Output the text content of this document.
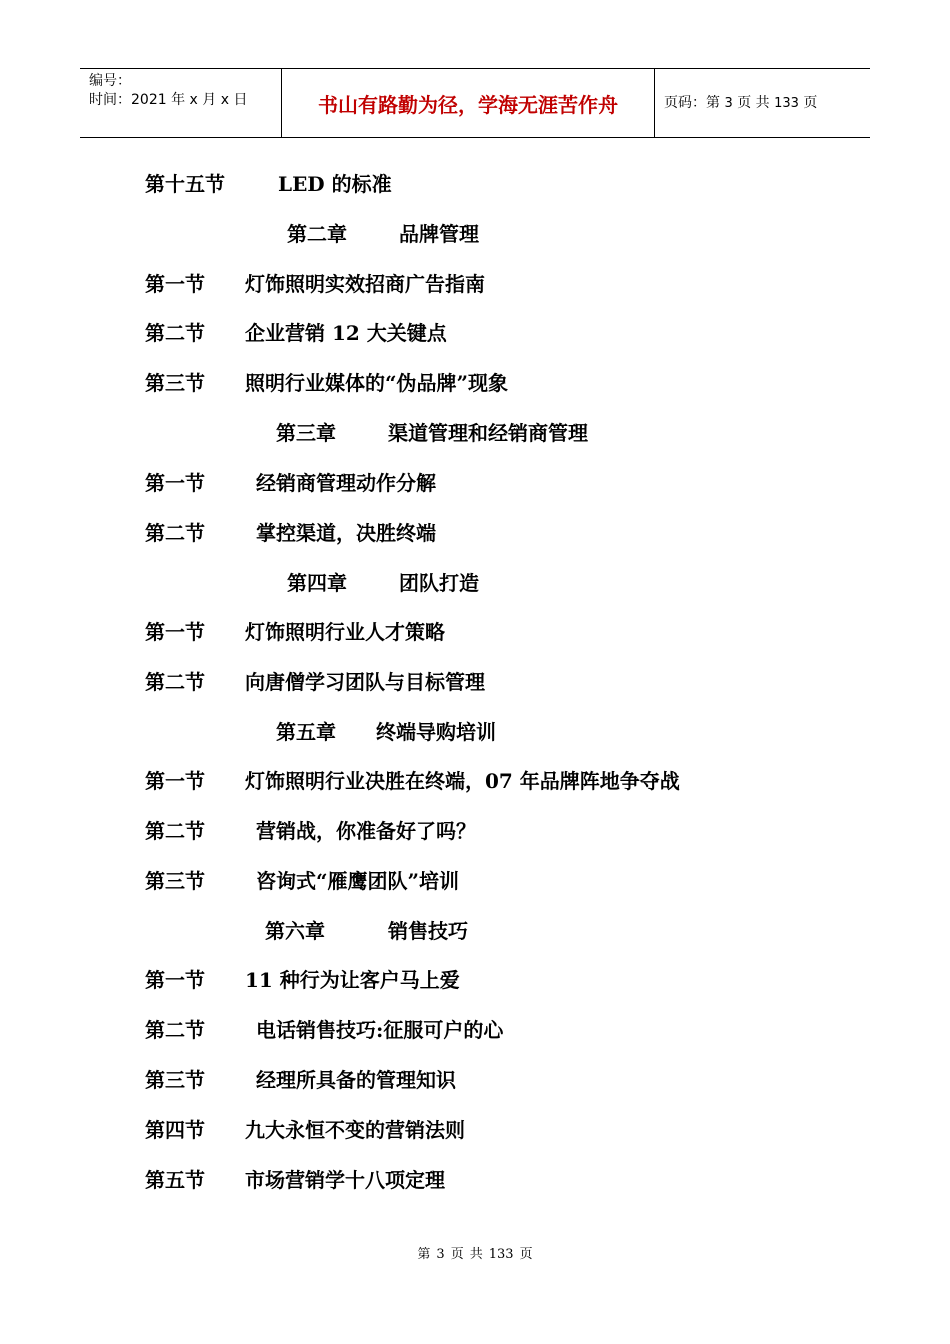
编号：
时间：2021 年 x 月 x 日	书山有路勤为径，学海无涯苦作舟	页码：第 3 页 共 133 页
第十五节	LED 的标准
第二章	品牌管理
第一节 灯饰照明实效招商广告指南
第二节 企业营销 12 大关键点
第三节 照明行业媒体的“伪品牌”现象
第三章	渠道管理和经销商管理
第一节	经销商管理动作分解
第二节	掌控渠道，决胜终端
第四章	团队打造
第一节 灯饰照明行业人才策略
第二节 向唐僧学习团队与目标管理
第五章 终端导购培训
第一节 灯饰照明行业决胜在终端，07 年品牌阵地争夺战
第二节	营销战，你准备好了吗？
第三节	咨询式“雁鹰团队”培训
第六章	销售技巧
第一节 11 种行为让客户马上爱
第二节	电话销售技巧:征服可户的心
第三节	经理所具备的管理知识
第四节 九大永恒不变的营销法则
第五节 市场营销学十八项定理
第 3 页 共 133 页
